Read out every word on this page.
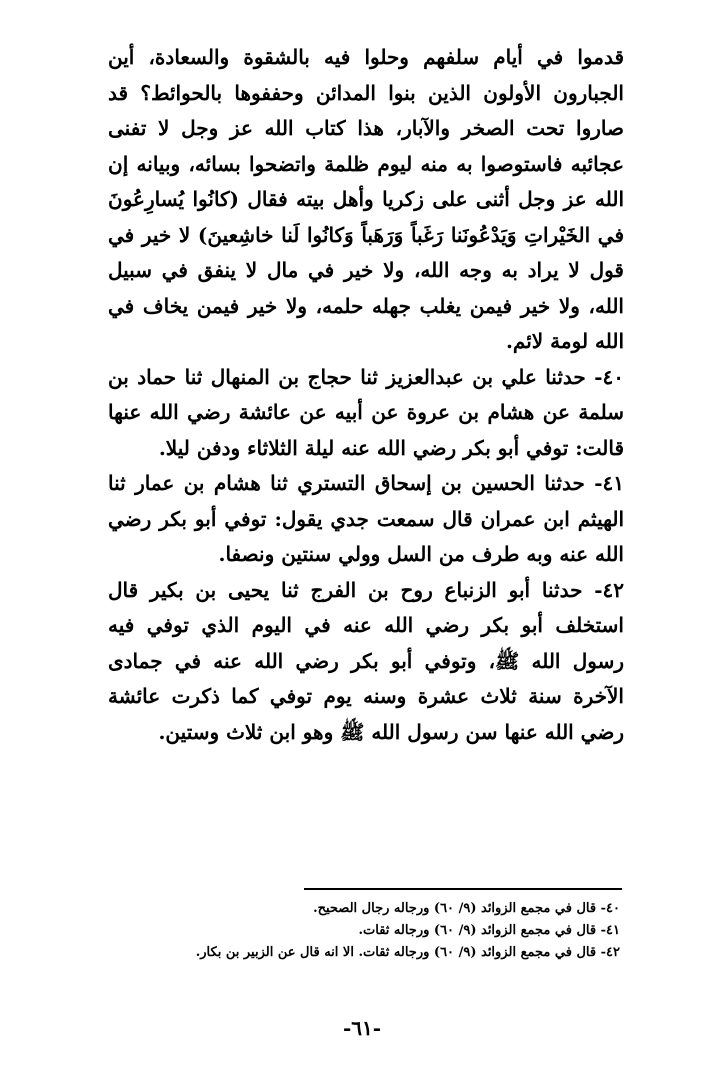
قدموا في أيام سلفهم وحلوا فيه بالشقوة والسعادة، أين الجبارون الأولون الذين بنوا المدائن وحففوها بالحوائط؟ قد صاروا تحت الصخر والآبار، هذا كتاب الله عز وجل لا تفنى عجائبه فاستوصوا به منه ليوم ظلمة واتضحوا بسائه، وبيانه إن الله عز وجل أثنى على زكريا وأهل بيته فقال (كانُوا يُسارِعُونَ في الخَيْراتِ وَيَدْعُونَنا رَغَباً وَرَهَباً وَكانُوا لَنا خاشِعينَ) لا خير في قول لا يراد به وجه الله، ولا خير في مال لا ينفق في سبيل الله، ولا خير فيمن يغلب جهله حلمه، ولا خير فيمن يخاف في الله لومة لائم.

٤٠- حدثنا علي بن عبدالعزيز ثنا حجاج بن المنهال ثنا حماد بن سلمة عن هشام بن عروة عن أبيه عن عائشة رضي الله عنها قالت: توفي أبو بكر رضي الله عنه ليلة الثلاثاء ودفن ليلا.

٤١- حدثنا الحسين بن إسحاق التستري ثنا هشام بن عمار ثنا الهيثم ابن عمران قال سمعت جدي يقول: توفي أبو بكر رضي الله عنه وبه طرف من السل وولي سنتين ونصفا.

٤٢- حدثنا أبو الزنباع روح بن الفرج ثنا يحيى بن بكير قال استخلف أبو بكر رضي الله عنه في اليوم الذي توفي فيه رسول الله ﷺ، وتوفي أبو بكر رضي الله عنه في جمادى الآخرة سنة ثلاث عشرة وسنه يوم توفي كما ذكرت عائشة رضي الله عنها سن رسول الله ﷺ وهو ابن ثلاث وستين.

٤٠- قال في مجمع الزوائد (٩/ ٦٠) ورجاله رجال الصحيح.
٤١- قال في مجمع الزوائد (٩/ ٦٠) ورجاله ثقات.
٤٢- قال في مجمع الزوائد (٩/ ٦٠) ورجاله ثقات. الا انه قال عن الزبير بن بكار.
-٦١-
